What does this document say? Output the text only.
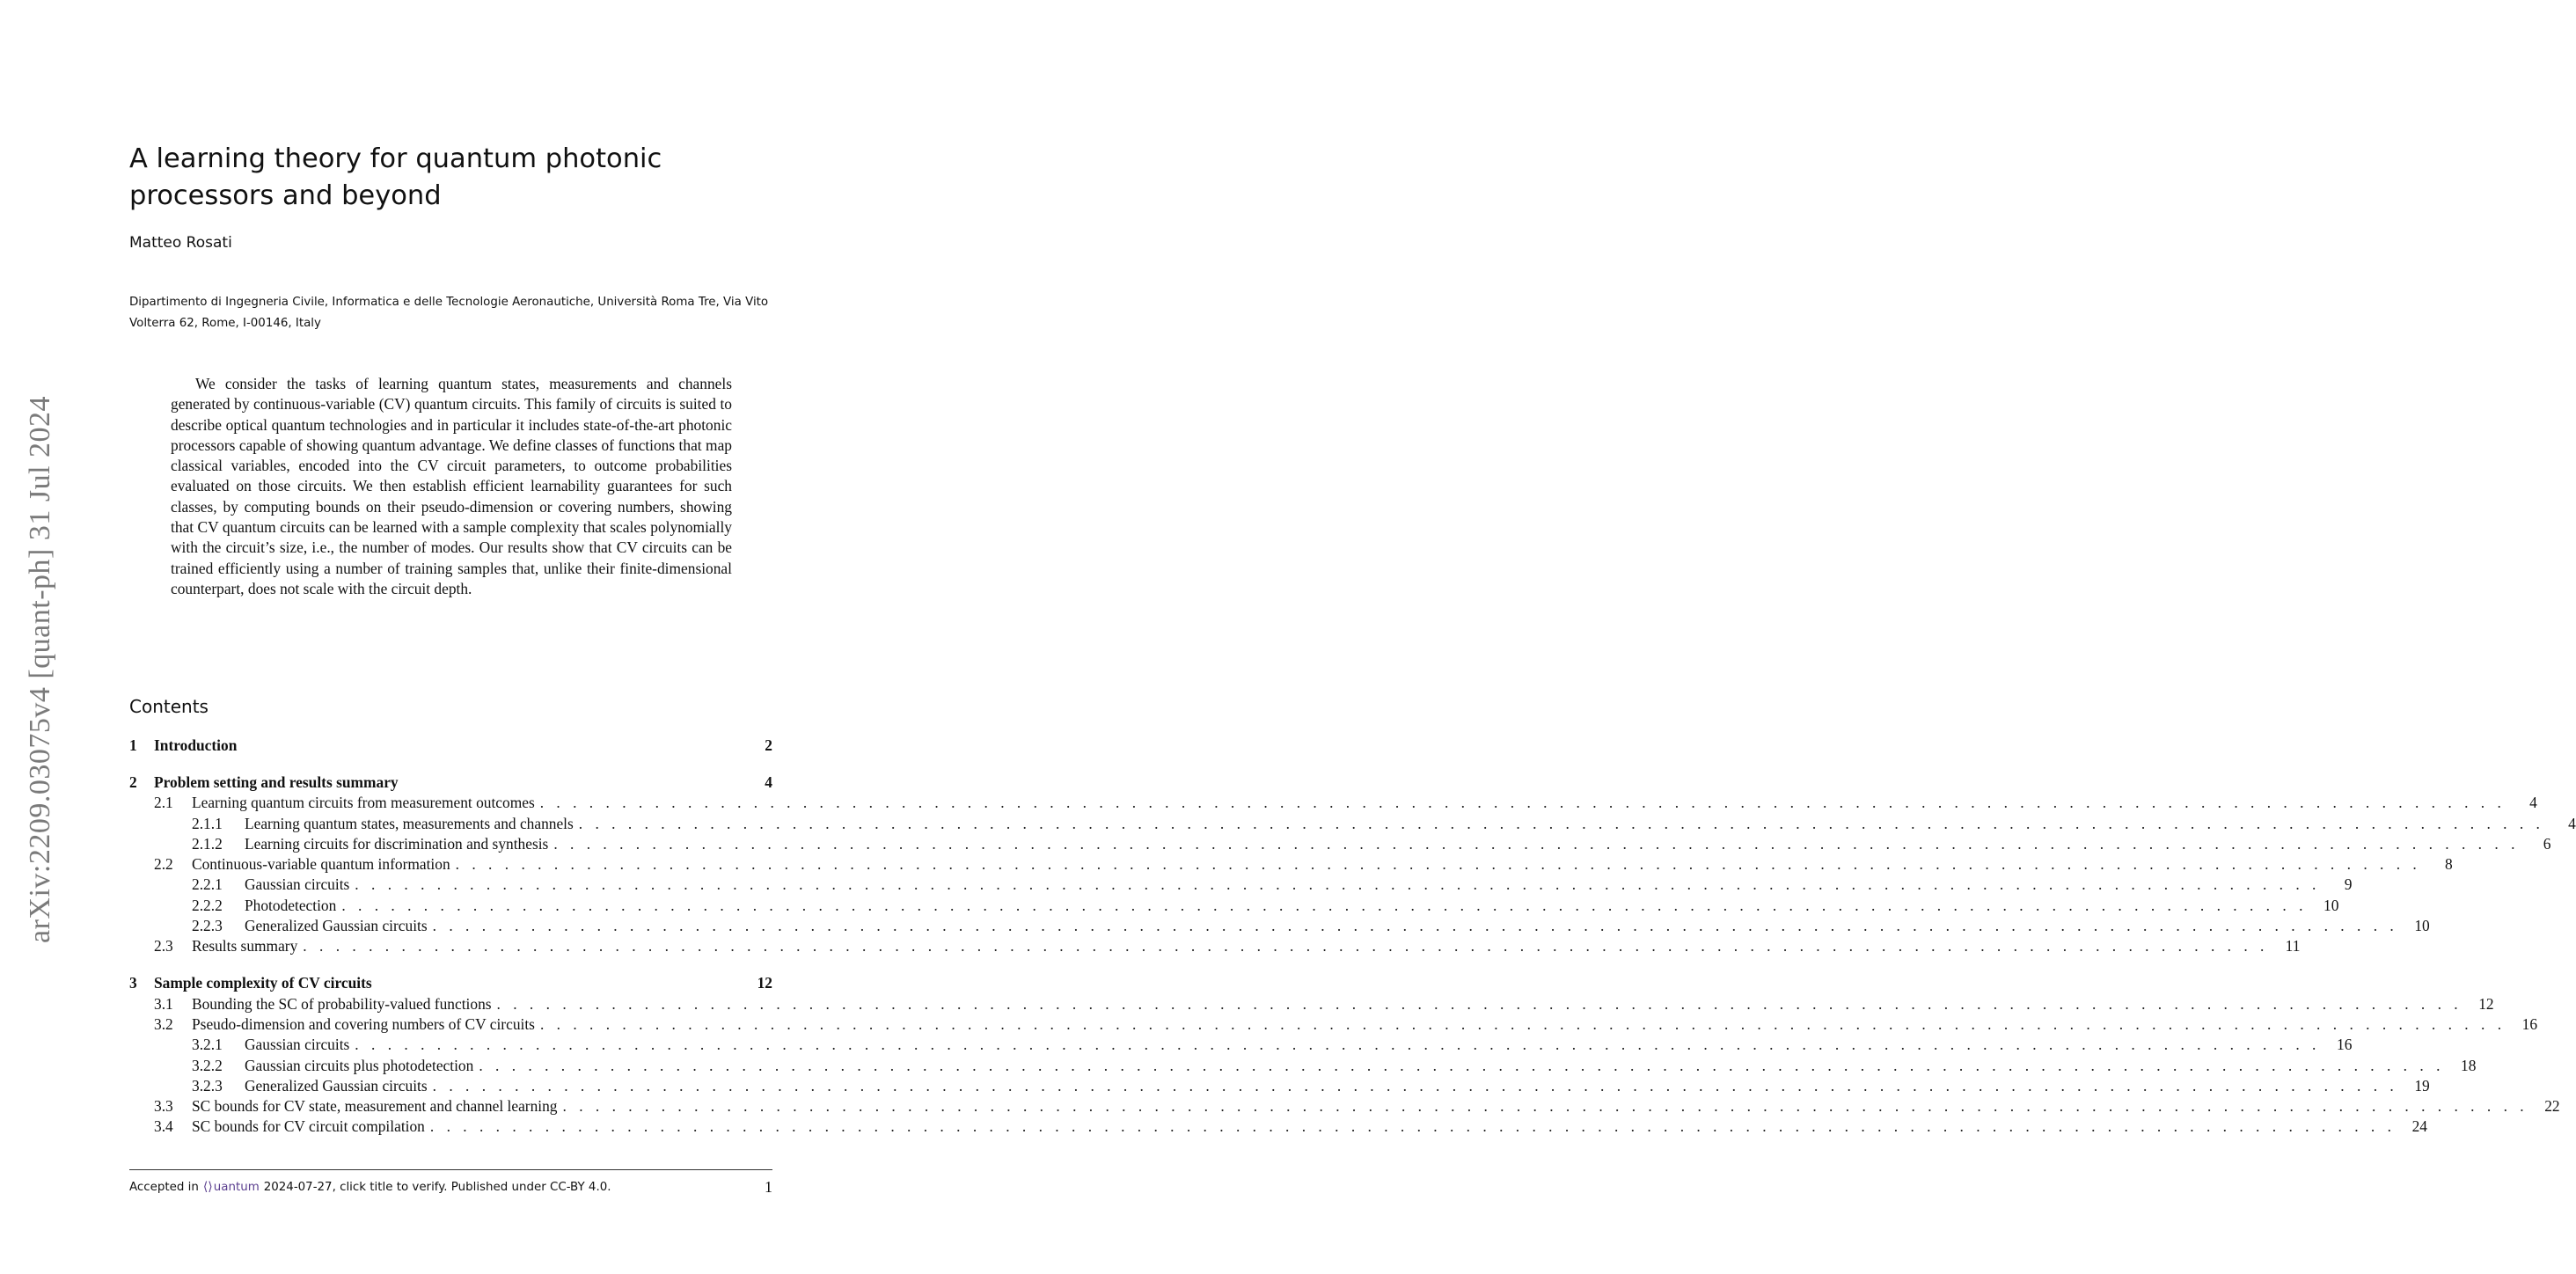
arXiv:2209.03075v4 [quant-ph] 31 Jul 2024
A learning theory for quantum photonic processors and beyond
Matteo Rosati
Dipartimento di Ingegneria Civile, Informatica e delle Tecnologie Aeronautiche, Università Roma Tre, Via Vito Volterra 62, Rome, I-00146, Italy

We consider the tasks of learning quantum states, measurements and channels generated by continuous-variable (CV) quantum circuits. This family of circuits is suited to describe optical quantum technologies and in particular it includes state-of-the-art photonic processors capable of showing quantum advantage. We define classes of functions that map classical variables, encoded into the CV circuit parameters, to outcome probabilities evaluated on those circuits. We then establish efficient learnability guarantees for such classes, by computing bounds on their pseudo-dimension or covering numbers, showing that CV quantum circuits can be learned with a sample complexity that scales polynomially with the circuit’s size, i.e., the number of modes. Our results show that CV circuits can be trained efficiently using a number of training samples that, unlike their finite-dimensional counterpart, does not scale with the circuit depth.

Contents
1	Introduction	2
2	Problem setting and results summary	4
2.1	Learning quantum circuits from measurement outcomes . . . . . . . . . . . . . . . . . . . . . . . . . . . . . . . . . . . . . . . . . . . . . . . . . . . . . . . . . . . . . . . . . . . . . . . . . . . . . . . . . . . . . . . . . . . . . . . . . . . . . . . . . . . . . . . . . . . . . . . .	4
2.1.1	Learning quantum states, measurements and channels . . . . . . . . . . . . . . . . . . . . . . . . . . . . . . . . . . . . . . . . . . . . . . . . . . . . . . . . . . . . . . . . . . . . . . . . . . . . . . . . . . . . . . . . . . . . . . . . . . . . . . . . . . . . . . . . . . . . . . . .	4
2.1.2	Learning circuits for discrimination and synthesis . . . . . . . . . . . . . . . . . . . . . . . . . . . . . . . . . . . . . . . . . . . . . . . . . . . . . . . . . . . . . . . . . . . . . . . . . . . . . . . . . . . . . . . . . . . . . . . . . . . . . . . . . . . . . . . . . . . . . . . .	6
2.2	Continuous-variable quantum information . . . . . . . . . . . . . . . . . . . . . . . . . . . . . . . . . . . . . . . . . . . . . . . . . . . . . . . . . . . . . . . . . . . . . . . . . . . . . . . . . . . . . . . . . . . . . . . . . . . . . . . . . . . . . . . . . . . . . . . .	8
2.2.1	Gaussian circuits . . . . . . . . . . . . . . . . . . . . . . . . . . . . . . . . . . . . . . . . . . . . . . . . . . . . . . . . . . . . . . . . . . . . . . . . . . . . . . . . . . . . . . . . . . . . . . . . . . . . . . . . . . . . . . . . . . . . . . . .	9
2.2.2	Photodetection . . . . . . . . . . . . . . . . . . . . . . . . . . . . . . . . . . . . . . . . . . . . . . . . . . . . . . . . . . . . . . . . . . . . . . . . . . . . . . . . . . . . . . . . . . . . . . . . . . . . . . . . . . . . . . . . . . . . . . . .	10
2.2.3	Generalized Gaussian circuits . . . . . . . . . . . . . . . . . . . . . . . . . . . . . . . . . . . . . . . . . . . . . . . . . . . . . . . . . . . . . . . . . . . . . . . . . . . . . . . . . . . . . . . . . . . . . . . . . . . . . . . . . . . . . . . . . . . . . . . .	10
2.3	Results summary . . . . . . . . . . . . . . . . . . . . . . . . . . . . . . . . . . . . . . . . . . . . . . . . . . . . . . . . . . . . . . . . . . . . . . . . . . . . . . . . . . . . . . . . . . . . . . . . . . . . . . . . . . . . . . . . . . . . . . . .	11
3	Sample complexity of CV circuits	12
3.1	Bounding the SC of probability-valued functions . . . . . . . . . . . . . . . . . . . . . . . . . . . . . . . . . . . . . . . . . . . . . . . . . . . . . . . . . . . . . . . . . . . . . . . . . . . . . . . . . . . . . . . . . . . . . . . . . . . . . . . . . . . . . . . . . . . . . . . .	12
3.2	Pseudo-dimension and covering numbers of CV circuits . . . . . . . . . . . . . . . . . . . . . . . . . . . . . . . . . . . . . . . . . . . . . . . . . . . . . . . . . . . . . . . . . . . . . . . . . . . . . . . . . . . . . . . . . . . . . . . . . . . . . . . . . . . . . . . . . . . . . . . .	16
3.2.1	Gaussian circuits . . . . . . . . . . . . . . . . . . . . . . . . . . . . . . . . . . . . . . . . . . . . . . . . . . . . . . . . . . . . . . . . . . . . . . . . . . . . . . . . . . . . . . . . . . . . . . . . . . . . . . . . . . . . . . . . . . . . . . . .	16
3.2.2	Gaussian circuits plus photodetection . . . . . . . . . . . . . . . . . . . . . . . . . . . . . . . . . . . . . . . . . . . . . . . . . . . . . . . . . . . . . . . . . . . . . . . . . . . . . . . . . . . . . . . . . . . . . . . . . . . . . . . . . . . . . . . . . . . . . . . .	18
3.2.3	Generalized Gaussian circuits . . . . . . . . . . . . . . . . . . . . . . . . . . . . . . . . . . . . . . . . . . . . . . . . . . . . . . . . . . . . . . . . . . . . . . . . . . . . . . . . . . . . . . . . . . . . . . . . . . . . . . . . . . . . . . . . . . . . . . . .	19
3.3	SC bounds for CV state, measurement and channel learning . . . . . . . . . . . . . . . . . . . . . . . . . . . . . . . . . . . . . . . . . . . . . . . . . . . . . . . . . . . . . . . . . . . . . . . . . . . . . . . . . . . . . . . . . . . . . . . . . . . . . . . . . . . . . . . . . . . . . . . .	22
3.4	SC bounds for CV circuit compilation . . . . . . . . . . . . . . . . . . . . . . . . . . . . . . . . . . . . . . . . . . . . . . . . . . . . . . . . . . . . . . . . . . . . . . . . . . . . . . . . . . . . . . . . . . . . . . . . . . . . . . . . . . . . . . . . . . . . . . . .	24
Accepted in ⟨⟩ uantum 2024-07-27, click title to verify. Published under CC-BY 4.0.	1
